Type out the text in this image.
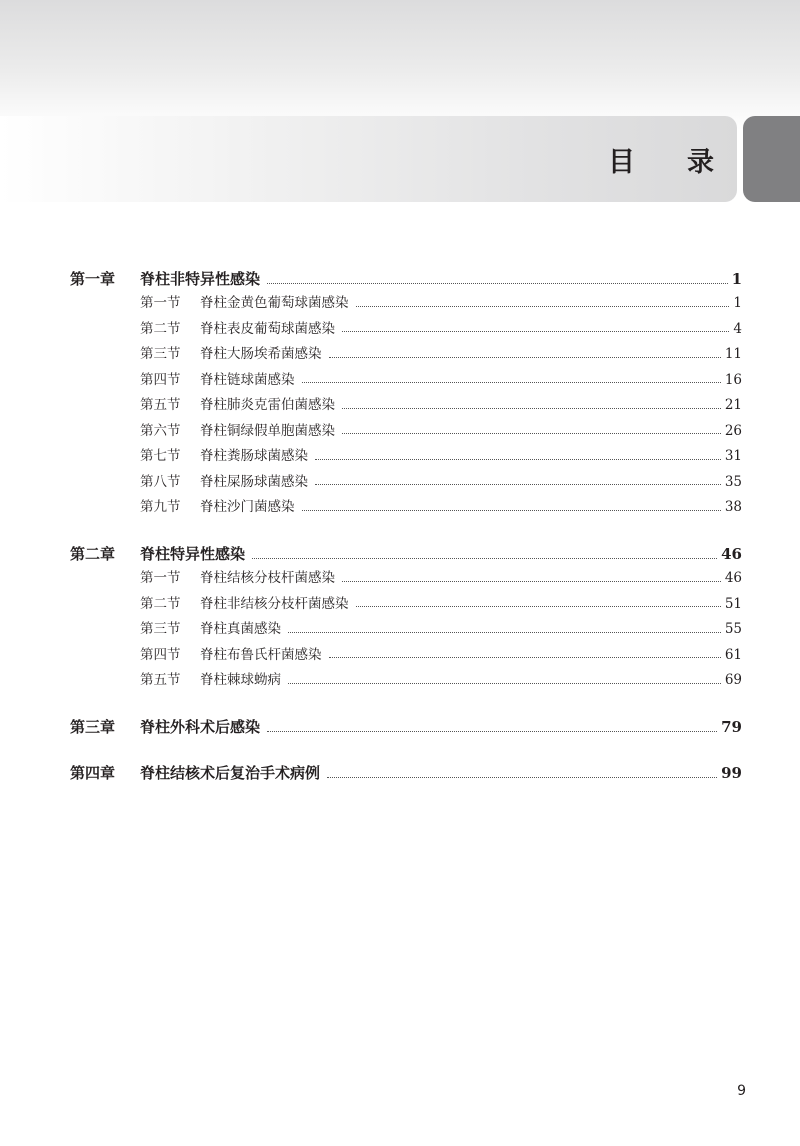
目录
第一章	脊柱非特异性感染	1
第一节	脊柱金黄色葡萄球菌感染	1
第二节	脊柱表皮葡萄球菌感染	4
第三节	脊柱大肠埃希菌感染	11
第四节	脊柱链球菌感染	16
第五节	脊柱肺炎克雷伯菌感染	21
第六节	脊柱铜绿假单胞菌感染	26
第七节	脊柱粪肠球菌感染	31
第八节	脊柱屎肠球菌感染	35
第九节	脊柱沙门菌感染	38
第二章	脊柱特异性感染	46
第一节	脊柱结核分枝杆菌感染	46
第二节	脊柱非结核分枝杆菌感染	51
第三节	脊柱真菌感染	55
第四节	脊柱布鲁氏杆菌感染	61
第五节	脊柱棘球蚴病	69
第三章	脊柱外科术后感染	79
第四章	脊柱结核术后复治手术病例	99
9
